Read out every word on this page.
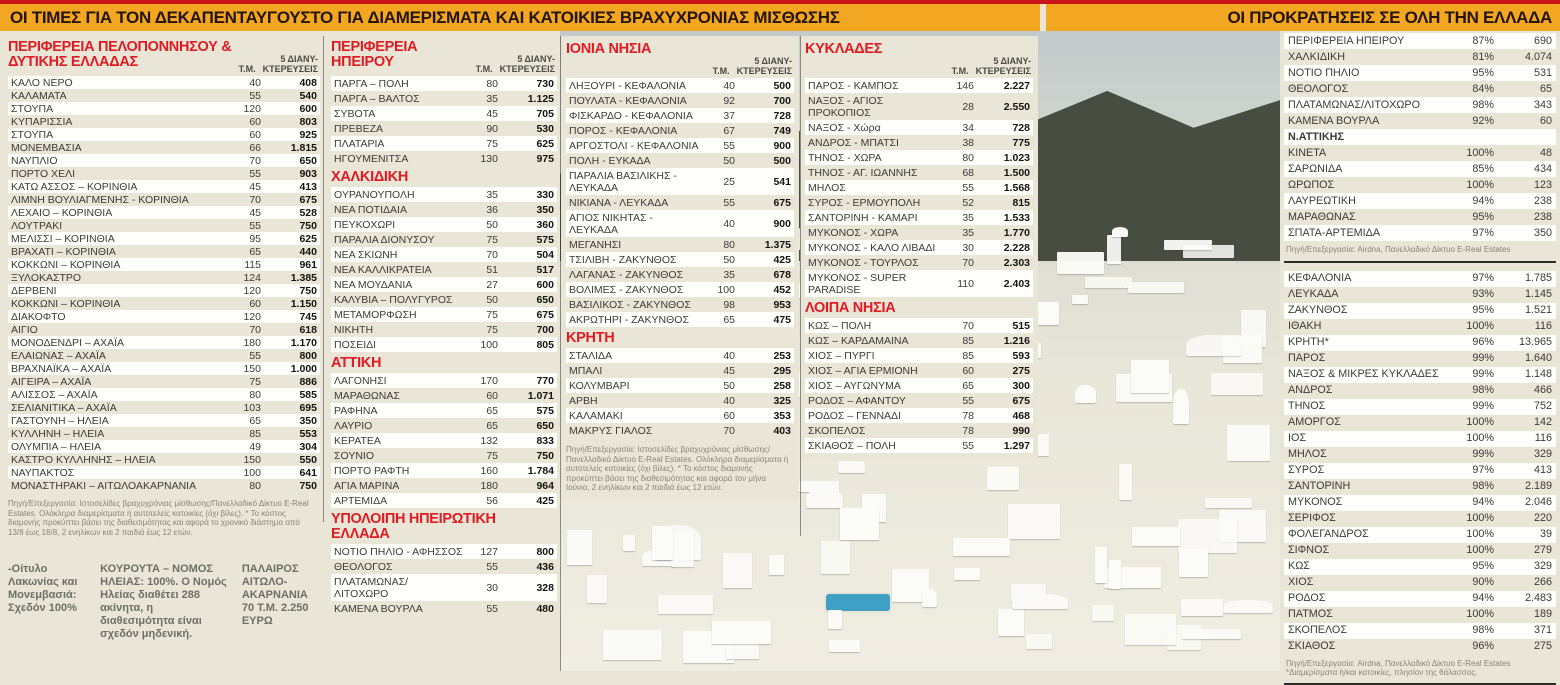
ΟΙ ΤΙΜΕΣ ΓΙΑ ΤΟΝ ΔΕΚΑΠΕΝΤΑΥΓΟΥΣΤΟ ΓΙΑ ΔΙΑΜΕΡΙΣΜΑΤΑ ΚΑΙ ΚΑΤΟΙΚΙΕΣ ΒΡΑΧΥΧΡΟΝΙΑΣ ΜΙΣΘΩΣΗΣ	ΟΙ ΠΡΟΚΡΑΤΗΣΕΙΣ ΣΕ ΟΛΗ ΤΗΝ ΕΛΛΑΔΑ
ΠΕΡΙΦΕΡΕΙΑ ΠΕΛΟΠΟΝΝΗΣΟΥ & ΔΥΤΙΚΗΣ ΕΛΛΑΔΑΣ	Τ.Μ.
5 ΔΙΑΝΥ-
ΚΤΕΡΕΥΣΕΙΣ
ΚΑΛΟ ΝΕΡΟ	40	408
ΚΑΛΑΜΑΤΑ	55	540
ΣΤΟΥΠΑ	120	600
ΚΥΠΑΡΙΣΣΙΑ	60	803
ΣΤΟΥΠΑ	60	925
ΜΟΝΕΜΒΑΣΙΑ	66	1.815
ΝΑΥΠΛΙΟ	70	650
ΠΟΡΤΟ ΧΕΛΙ	55	903
ΚΑΤΩ ΑΣΣΟΣ – ΚΟΡΙΝΘΙΑ	45	413
ΛΙΜΝΗ ΒΟΥΛΙΑΓΜΕΝΗΣ - ΚΟΡΙΝΘΙΑ	70	675
ΛΕΧΑΙΟ – ΚΟΡΙΝΘΙΑ	45	528
ΛΟΥΤΡΑΚΙ	55	750
ΜΕΛΙΣΣΙ – ΚΟΡΙΝΘΙΑ	95	625
ΒΡΑΧΑΤΙ – ΚΟΡΙΝΘΙΑ	65	440
ΚΟΚΚΩΝΙ – ΚΟΡΙΝΘΙΑ	115	961
ΞΥΛΟΚΑΣΤΡΟ	124	1.385
ΔΕΡΒΕΝΙ	120	750
ΚΟΚΚΩΝΙ – ΚΟΡΙΝΘΙΑ	60	1.150
ΔΙΑΚΟΦΤΟ	120	745
ΑΙΓΙΟ	70	618
ΜΟΝΟΔΕΝΔΡΙ – ΑΧΑΪΑ	180	1.170
ΕΛΑΙΩΝΑΣ – ΑΧΑΪΑ	55	800
ΒΡΑΧΝΑΪΚΑ – ΑΧΑΪΑ	150	1.000
ΑΙΓΕΙΡΑ – ΑΧΑΪΑ	75	886
ΑΛΙΣΣΟΣ – ΑΧΑΪΑ	80	585
ΣΕΛΙΑΝΙΤΙΚΑ – ΑΧΑΪΑ	103	695
ΓΑΣΤΟΥΝΗ – ΗΛΕΙΑ	65	350
ΚΥΛΛΗΝΗ – ΗΛΕΙΑ	85	553
ΟΛΥΜΠΙΑ – ΗΛΕΙΑ	49	304
ΚΑΣΤΡΟ ΚΥΛΛΗΝΗΣ – ΗΛΕΙΑ	150	550
ΝΑΥΠΑΚΤΟΣ	100	641
ΜΟΝΑΣΤΗΡΑΚΙ – ΑΙΤΩΛΟΑΚΑΡΝΑΝΙΑ	80	750
Πηγή/Επεξεργασία: Ιστοσελίδες βραχυχρόνιας μίσθωσης/Πανελλαδικό Δίκτυο E-Real Estates. Ολόκληρα διαμερίσματα ή αυτοτελείς κατοικίες (όχι βίλες). * Το κόστος διαμονής προκύπτει βάσει της διαθεσιμότητας και αφορά το χρονικό διάστημα από 13/8 έως 18/8, 2 ενηλίκων και 2 παιδιά έως 12 ετών.
ΠΕΡΙΦΕΡΕΙΑ ΗΠΕΙΡΟΥ	Τ.Μ.
5 ΔΙΑΝΥ-
ΚΤΕΡΕΥΣΕΙΣ
ΠΑΡΓΑ – ΠΟΛΗ	80	730
ΠΑΡΓΑ – ΒΑΛΤΟΣ	35	1.125
ΣΥΒΟΤΑ	45	705
ΠΡΕΒΕΖΑ	90	530
ΠΛΑΤΑΡΙΑ	75	625
ΗΓΟΥΜΕΝΙΤΣΑ	130	975
ΧΑΛΚΙΔΙΚΗ
ΟΥΡΑΝΟΥΠΟΛΗ	35	330
ΝΕΑ ΠΟΤΙΔΑΙΑ	36	350
ΠΕΥΚΟΧΩΡΙ	50	360
ΠΑΡΑΛΙΑ ΔΙΟΝΥΣΟΥ	75	575
ΝΕΑ ΣΚΙΩΝΗ	70	504
ΝΕΑ ΚΑΛΛΙΚΡΑΤΕΙΑ	51	517
ΝΕΑ ΜΟΥΔΑΝΙΑ	27	600
ΚΑΛΥΒΙΑ – ΠΟΛΥΓΥΡΟΣ	50	650
ΜΕΤΑΜΟΡΦΩΣΗ	75	675
ΝΙΚΗΤΗ	75	700
ΠΟΣΕΙΔΙ	100	805
ΑΤΤΙΚΗ
ΛΑΓΟΝΗΣΙ	170	770
ΜΑΡΑΘΩΝΑΣ	60	1.071
ΡΑΦΗΝΑ	65	575
ΛΑΥΡΙΟ	65	650
ΚΕΡΑΤΕΑ	132	833
ΣΟΥΝΙΟ	75	750
ΠΟΡΤΟ ΡΑΦΤΗ	160	1.784
ΑΓΙΑ ΜΑΡΙΝΑ	180	964
ΑΡΤΕΜΙΔΑ	56	425
ΥΠΟΛΟΙΠΗ ΗΠΕΙΡΩΤΙΚΗ ΕΛΛΑΔΑ
ΝΟΤΙΟ ΠΗΛΙΟ - ΑΦΗΣΣΟΣ	127	800
ΘΕΟΛΟΓΟΣ	55	436
ΠΛΑΤΑΜΩΝΑΣ/ ΛΙΤΟΧΩΡΟ	30	328
ΚΑΜΕΝΑ ΒΟΥΡΛΑ	55	480
ΙΟΝΙΑ ΝΗΣΙΑ
Τ.Μ.
5 ΔΙΑΝΥ-
ΚΤΕΡΕΥΣΕΙΣ
ΛΗΞΟΥΡΙ - ΚΕΦΑΛΟΝΙΑ	40	500
ΠΟΥΛΑΤΑ - ΚΕΦΑΛΟΝΙΑ	92	700
ΦΙΣΚΑΡΔΟ - ΚΕΦΑΛΟΝΙΑ	37	728
ΠΟΡΟΣ - ΚΕΦΑΛΟΝΙΑ	67	749
ΑΡΓΟΣΤΟΛΙ - ΚΕΦΑΛΟΝΙΑ	55	900
ΠΟΛΗ - ΕΥΚΑΔΑ	50	500
ΠΑΡΑΛΙΑ ΒΑΣΙΛΙΚΗΣ - ΛΕΥΚΑΔΑ	25	541
ΝΙΚΙΑΝΑ - ΛΕΥΚΑΔΑ	55	675
ΑΓΙΟΣ ΝΙΚΗΤΑΣ - ΛΕΥΚΑΔΑ	40	900
ΜΕΓΑΝΗΣΙ	80	1.375
ΤΣΙΛΙΒΗ - ΖΑΚΥΝΘΟΣ	50	425
ΛΑΓΑΝΑΣ - ΖΑΚΥΝΘΟΣ	35	678
ΒΟΛΙΜΕΣ - ΖΑΚΥΝΘΟΣ	100	452
ΒΑΣΙΛΙΚΟΣ - ΖΑΚΥΝΘΟΣ	98	953
ΑΚΡΩΤΗΡΙ - ΖΑΚΥΝΘΟΣ	65	475
ΚΡΗΤΗ
ΣΤΑΛΙΔΑ	40	253
ΜΠΑΛΙ	45	295
ΚΟΛΥΜΒΑΡΙ	50	258
ΑΡΒΗ	40	325
ΚΑΛΑΜΑΚΙ	60	353
ΜΑΚΡΥΣ ΓΙΑΛΟΣ	70	403
Πηγή/Επεξεργασία: Ιστοσελίδες βραχυχρόνιας μίσθωσης/Πανελλαδικό Δίκτυο E-Real Estates. Ολόκληρα διαμερίσματα ή αυτοτελείς κατοικίες (όχι βίλες). * Το κόστος διαμονής προκύπτει βάσει της διαθεσιμότητας και αφορά τον μήνα Ιούνιο, 2 ενηλίκων και 2 παιδιά έως 12 ετών.
ΚΥΚΛΑΔΕΣ
Τ.Μ.
5 ΔΙΑΝΥ-
ΚΤΕΡΕΥΣΕΙΣ
ΠΑΡΟΣ - ΚΑΜΠΟΣ	146	2.227
ΝΑΞΟΣ - ΑΓΙΟΣ ΠΡΟΚΟΠΙΟΣ	28	2.550
ΝΑΞΟΣ - Χώρα	34	728
ΑΝΔΡΟΣ - ΜΠΑΤΣΙ	38	775
ΤΗΝΟΣ - ΧΩΡΑ	80	1.023
ΤΗΝΟΣ - ΑΓ. ΙΩΑΝΝΗΣ	68	1.500
ΜΗΛΟΣ	55	1.568
ΣΥΡΟΣ - ΕΡΜΟΥΠΟΛΗ	52	815
ΣΑΝΤΟΡΙΝΗ - ΚΑΜΑΡΙ	35	1.533
ΜΥΚΟΝΟΣ - ΧΩΡΑ	35	1.770
ΜΥΚΟΝΟΣ - ΚΑΛΟ ΛΙΒΑΔΙ	30	2.228
ΜΥΚΟΝΟΣ - ΤΟΥΡΛΟΣ	70	2.303
ΜΥΚΟΝΟΣ - SUPER PARADISE	110	2.403
ΛΟΙΠΑ ΝΗΣΙΑ
ΚΩΣ – ΠΟΛΗ	70	515
ΚΩΣ – ΚΑΡΔΑΜΑΙΝΑ	85	1.216
ΧΙΟΣ – ΠΥΡΓΙ	85	593
ΧΙΟΣ – ΑΓΙΑ ΕΡΜΙΟΝΗ	60	275
ΧΙΟΣ – ΑΥΓΩΝΥΜΑ	65	300
ΡΟΔΟΣ – ΑΦΑΝΤΟΥ	55	675
ΡΟΔΟΣ – ΓΕΝΝΑΔΙ	78	468
ΣΚΟΠΕΛΟΣ	78	990
ΣΚΙΑΘΟΣ – ΠΟΛΗ	55	1.297
-Οίτυλο Λακωνίας και Μονεμβασιά: Σχεδόν 100%
ΚΟΥΡΟΥΤΑ – ΝΟΜΟΣ ΗΛΕΙΑΣ: 100%. Ο Νομός Ηλείας διαθέτει 288 ακίνητα, η διαθεσιμότητα είναι σχεδόν μηδενική.
ΠΑΛΑΙΡΟΣ ΑΙΤΩΛΟ-ΑΚΑΡΝΑΝΙΑ 70 Τ.Μ. 2.250 ΕΥΡΩ
ΠΕΡΙΦΕΡΕΙΑ ΗΠΕΙΡΟΥ	87%	690
ΧΑΛΚΙΔΙΚΗ	81%	4.074
ΝΟΤΙΟ ΠΗΛΙΟ	95%	531
ΘΕΟΛΟΓΟΣ	84%	65
ΠΛΑΤΑΜΩΝΑΣ/ΛΙΤΟΧΩΡΟ	98%	343
ΚΑΜΕΝΑ ΒΟΥΡΛΑ	92%	60
Ν.ΑΤΤΙΚΗΣ
ΚΙΝΕΤΑ	100%	48
ΣΑΡΩΝΙΔΑ	85%	434
ΩΡΩΠΟΣ	100%	123
ΛΑΥΡΕΩΤΙΚΗ	94%	238
ΜΑΡΑΘΩΝΑΣ	95%	238
ΣΠΑΤΑ-ΑΡΤΕΜΙΔΑ	97%	350
Πηγή/Επεξεργασία: Airdna, Πανελλαδικό Δίκτυο E-Real Estates
ΚΕΦΑΛΟΝΙΑ	97%	1.785
ΛΕΥΚΑΔΑ	93%	1.145
ΖΑΚΥΝΘΟΣ	95%	1.521
ΙΘΑΚΗ	100%	116
ΚΡΗΤΗ*	96%	13.965
ΠΑΡΟΣ	99%	1.640
ΝΑΞΟΣ & ΜΙΚΡΕΣ ΚΥΚΛΑΔΕΣ	99%	1.148
ΑΝΔΡΟΣ	98%	466
ΤΗΝΟΣ	99%	752
ΑΜΟΡΓΟΣ	100%	142
ΙΟΣ	100%	116
ΜΗΛΟΣ	99%	329
ΣΥΡΟΣ	97%	413
ΣΑΝΤΟΡΙΝΗ	98%	2.189
ΜΥΚΟΝΟΣ	94%	2.046
ΣΕΡΙΦΟΣ	100%	220
ΦΟΛΕΓΑΝΔΡΟΣ	100%	39
ΣΙΦΝΟΣ	100%	279
ΚΩΣ	95%	329
ΧΙΟΣ	90%	266
ΡΟΔΟΣ	94%	2.483
ΠΑΤΜΟΣ	100%	189
ΣΚΟΠΕΛΟΣ	98%	371
ΣΚΙΑΘΟΣ	96%	275
Πηγή/Επεξεργασία: Airdna, Πανελλαδικό Δίκτυο E-Real Estates *Διαμερίσματα ή/και κατοικίες, πλησίον της θάλασσας.
